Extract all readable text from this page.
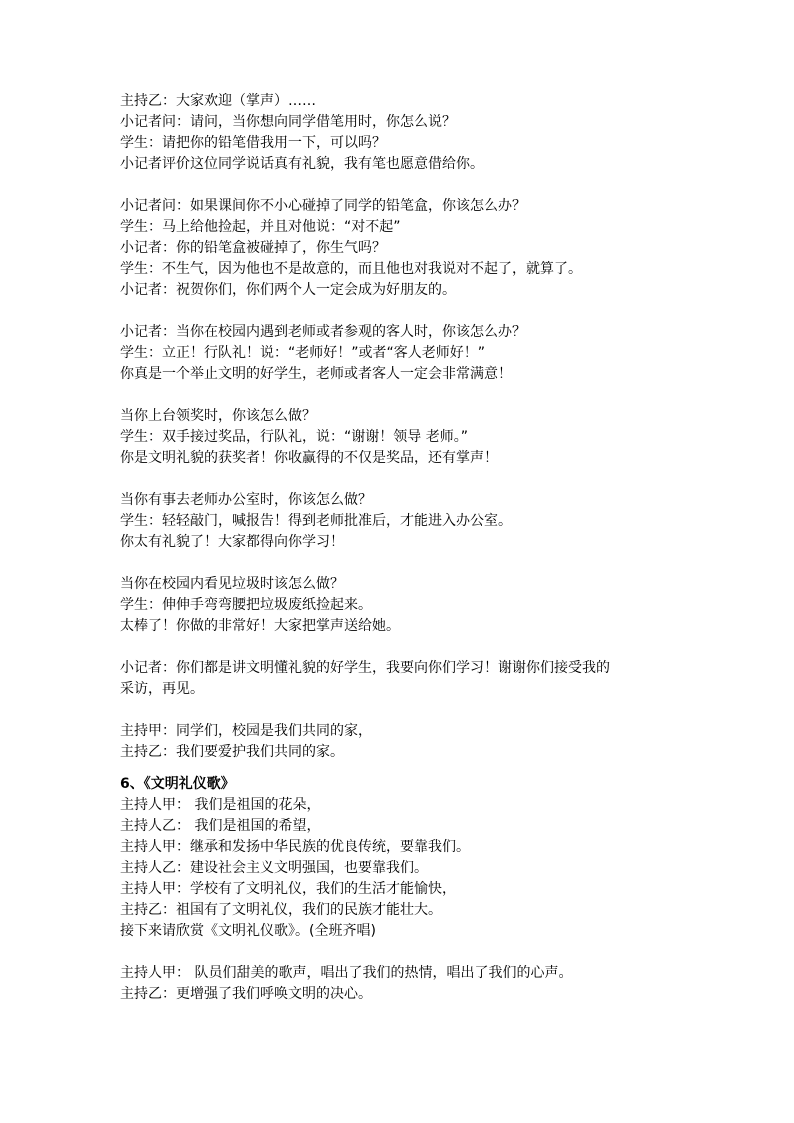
主持乙：大家欢迎（掌声）……
小记者问：请问，当你想向同学借笔用时，你怎么说？
学生：请把你的铅笔借我用一下，可以吗？
小记者评价这位同学说话真有礼貌，我有笔也愿意借给你。
小记者问：如果课间你不小心碰掉了同学的铅笔盒，你该怎么办？
学生：马上给他捡起，并且对他说：“对不起”
小记者：你的铅笔盒被碰掉了，你生气吗？
学生：不生气，因为他也不是故意的，而且他也对我说对不起了，就算了。
小记者：祝贺你们，你们两个人一定会成为好朋友的。
小记者：当你在校园内遇到老师或者参观的客人时，你该怎么办？
学生：立正！行队礼！说：“老师好！”或者“客人老师好！”
你真是一个举止文明的好学生，老师或者客人一定会非常满意！
当你上台领奖时，你该怎么做？
学生：双手接过奖品，行队礼，说：“谢谢！领导 老师。”
你是文明礼貌的获奖者！你收赢得的不仅是奖品，还有掌声！
当你有事去老师办公室时，你该怎么做？
学生：轻轻敲门，喊报告！得到老师批准后，才能进入办公室。
你太有礼貌了！大家都得向你学习！
当你在校园内看见垃圾时该怎么做？
学生：伸伸手弯弯腰把垃圾废纸捡起来。
太棒了！你做的非常好！大家把掌声送给她。
小记者：你们都是讲文明懂礼貌的好学生，我要向你们学习！谢谢你们接受我的
采访，再见。
主持甲：同学们，校园是我们共同的家，
主持乙：我们要爱护我们共同的家。
6、《文明礼仪歌》
主持人甲： 我们是祖国的花朵，
主持人乙： 我们是祖国的希望，
主持人甲：继承和发扬中华民族的优良传统，要靠我们。
主持人乙：建设社会主义文明强国，也要靠我们。
主持人甲：学校有了文明礼仪，我们的生活才能愉快，
主持乙：祖国有了文明礼仪，我们的民族才能壮大。
接下来请欣赏《文明礼仪歌》。(全班齐唱)
主持人甲： 队员们甜美的歌声，唱出了我们的热情，唱出了我们的心声。
主持乙：更增强了我们呼唤文明的决心。
